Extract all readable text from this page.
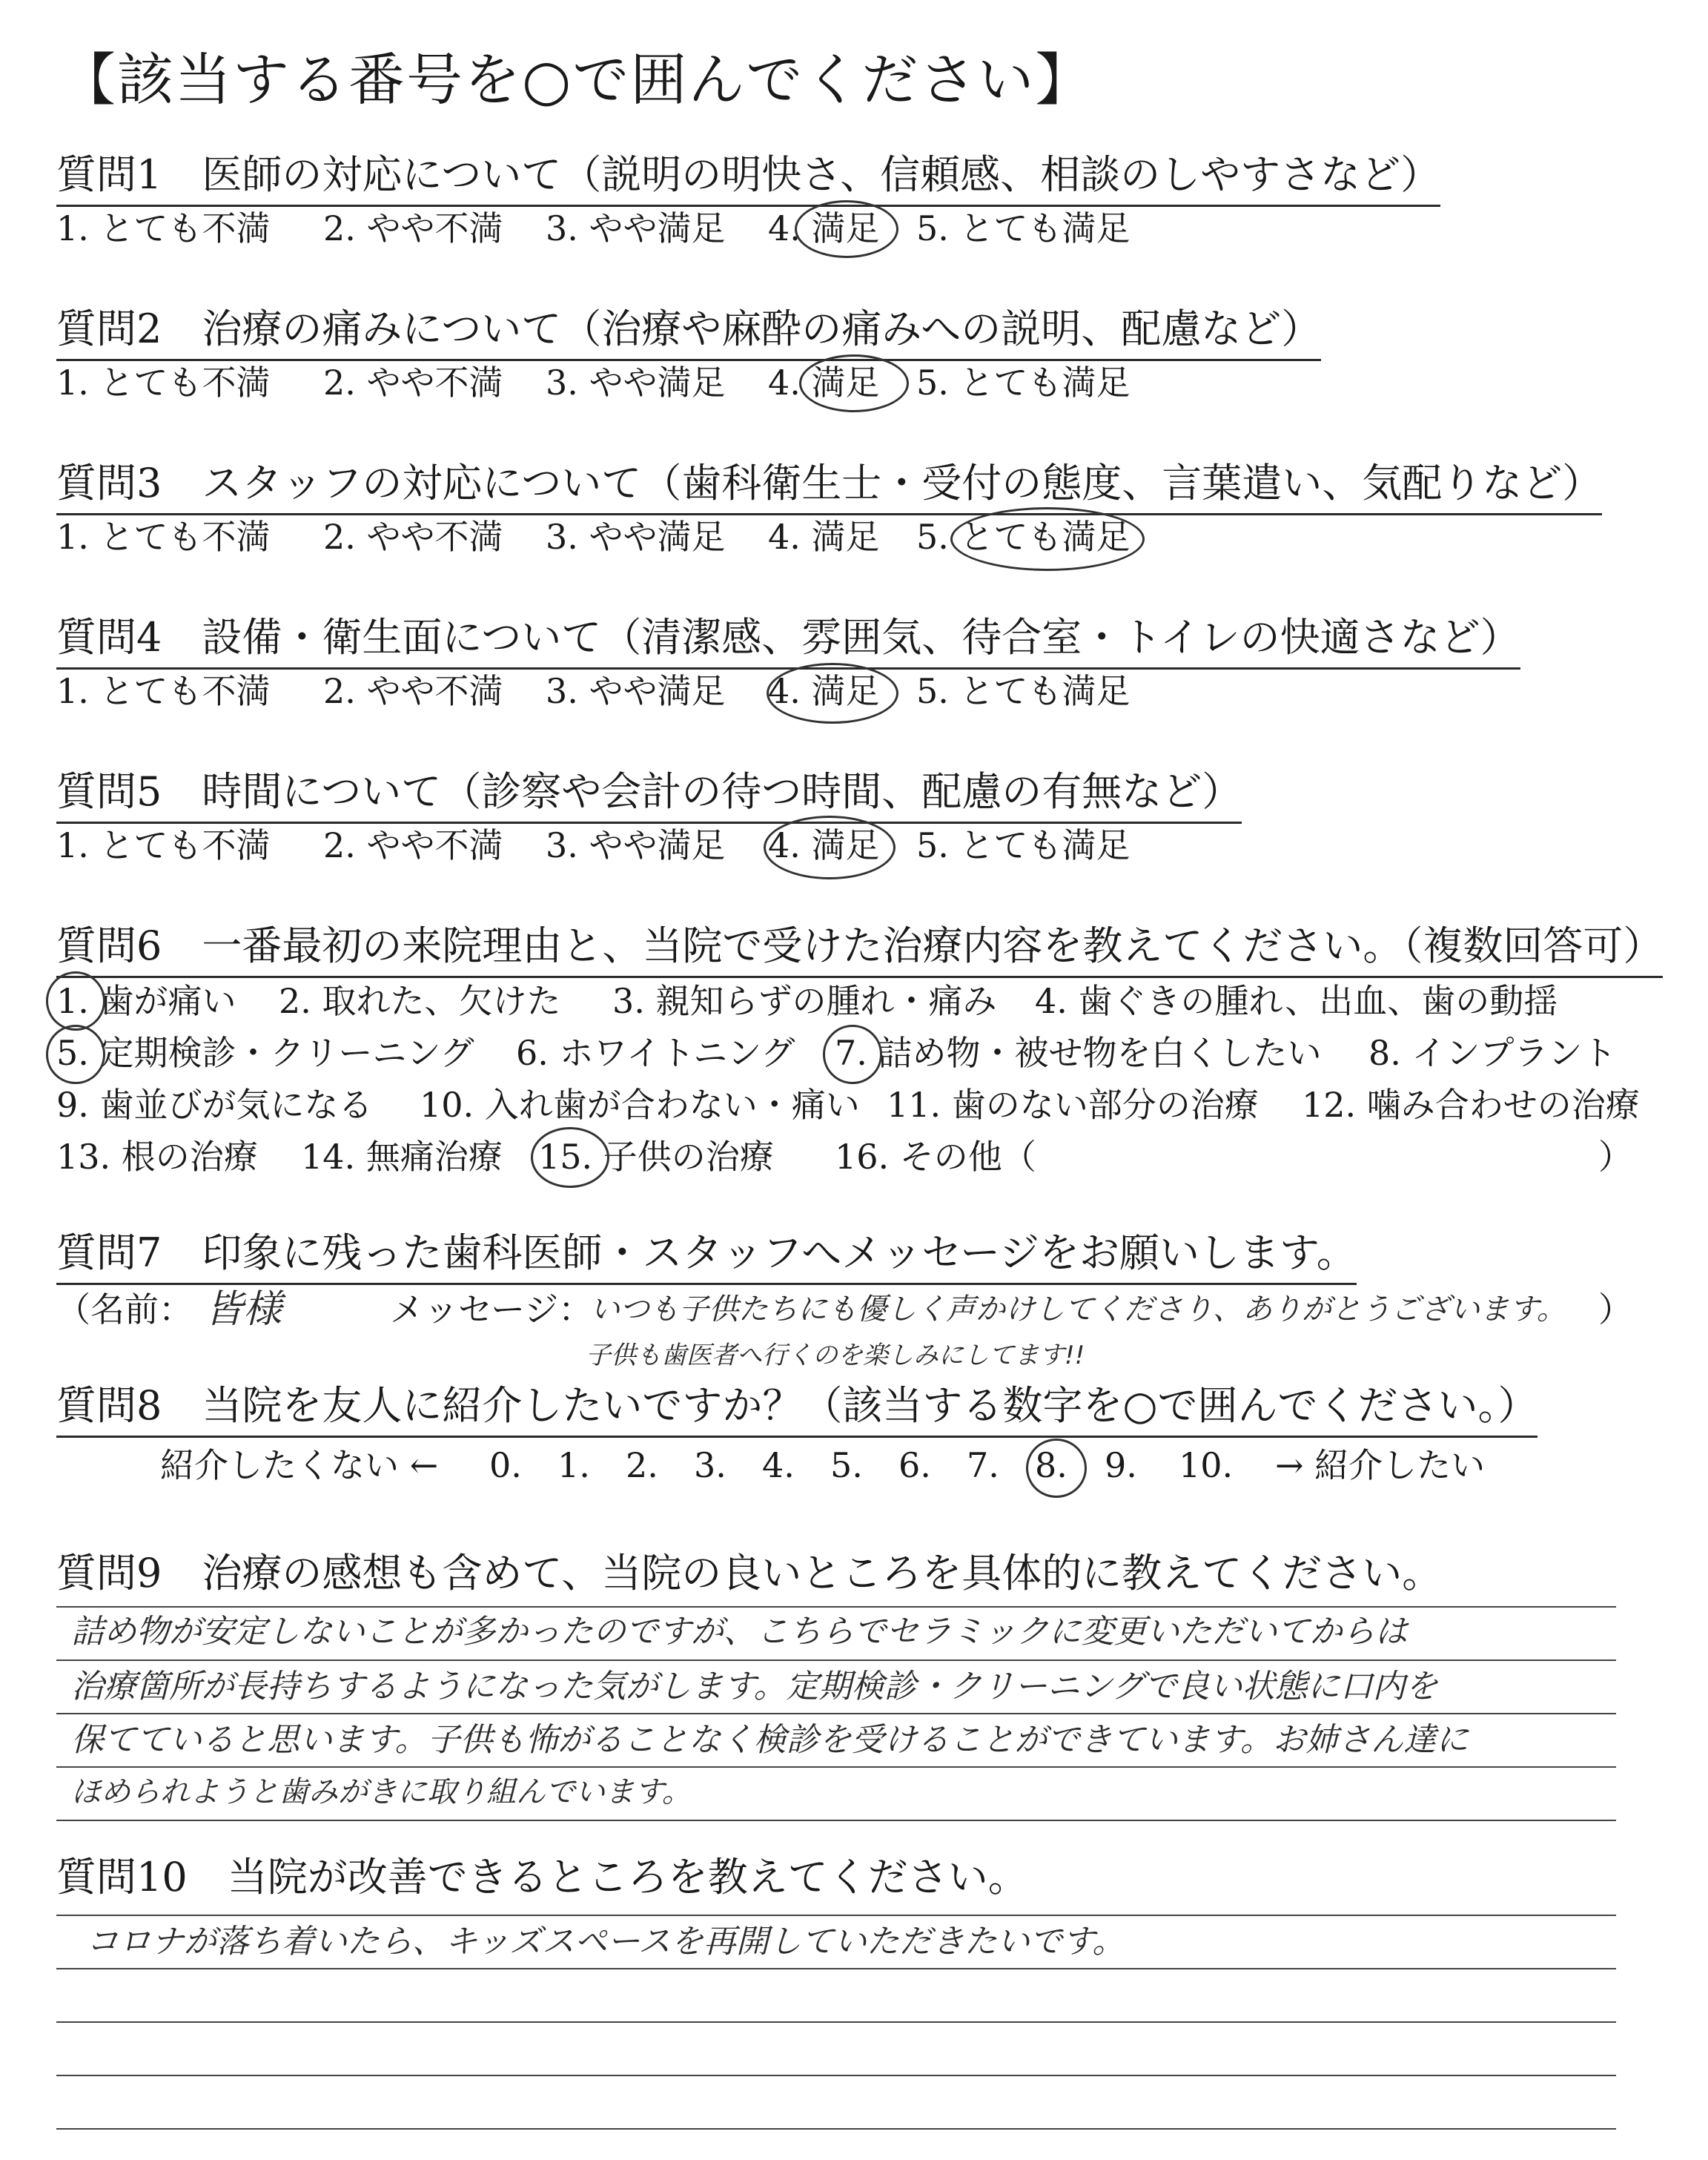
【該当する番号を○で囲んでください】
質問1　医師の対応について（説明の明快さ、信頼感、相談のしやすさなど）
1. とても不満 2. やや不満 3. やや満足 4. 満足 5. とても満足
質問2　治療の痛みについて（治療や麻酔の痛みへの説明、配慮など）
1. とても不満 2. やや不満 3. やや満足 4. 満足 5. とても満足
質問3　スタッフの対応について（歯科衛生士・受付の態度、言葉遣い、気配りなど）
1. とても不満 2. やや不満 3. やや満足 4. 満足 5. とても満足
質問4　設備・衛生面について（清潔感、雰囲気、待合室・トイレの快適さなど）
1. とても不満 2. やや不満 3. やや満足 4. 満足 5. とても満足
質問5　時間について（診察や会計の待つ時間、配慮の有無など）
1. とても不満 2. やや不満 3. やや満足 4. 満足 5. とても満足
質問6　一番最初の来院理由と、当院で受けた治療内容を教えてください。（複数回答可）
1. 歯が痛い 2. 取れた、欠けた 3. 親知らずの腫れ・痛み 4. 歯ぐきの腫れ、出血、歯の動揺
5. 定期検診・クリーニング 6. ホワイトニング 7. 詰め物・被せ物を白くしたい 8. インプラント
9. 歯並びが気になる 10. 入れ歯が合わない・痛い 11. 歯のない部分の治療 12. 噛み合わせの治療
13. 根の治療 14. 無痛治療 15. 子供の治療 16. その他（	）
質問7　印象に残った歯科医師・スタッフへメッセージをお願いします。
（名前： 皆様	メッセージ：
いつも子供たちにも優しく声かけしてくださり、ありがとうございます。 ）
子供も歯医者へ行くのを楽しみにしてます!!
質問8　当院を友人に紹介したいですか？（該当する数字を○で囲んでください。）
紹介したくない ← 0. 1. 2. 3. 4. 5. 6. 7. 8. 9. 10. → 紹介したい
質問9　治療の感想も含めて、当院の良いところを具体的に教えてください。
詰め物が安定しないことが多かったのですが、こちらでセラミックに変更いただいてからは
治療箇所が長持ちするようになった気がします。定期検診・クリーニングで良い状態に口内を
保てていると思います。子供も怖がることなく検診を受けることができています。お姉さん達に
ほめられようと歯みがきに取り組んでいます。
質問10　当院が改善できるところを教えてください。
コロナが落ち着いたら、キッズスペースを再開していただきたいです。
